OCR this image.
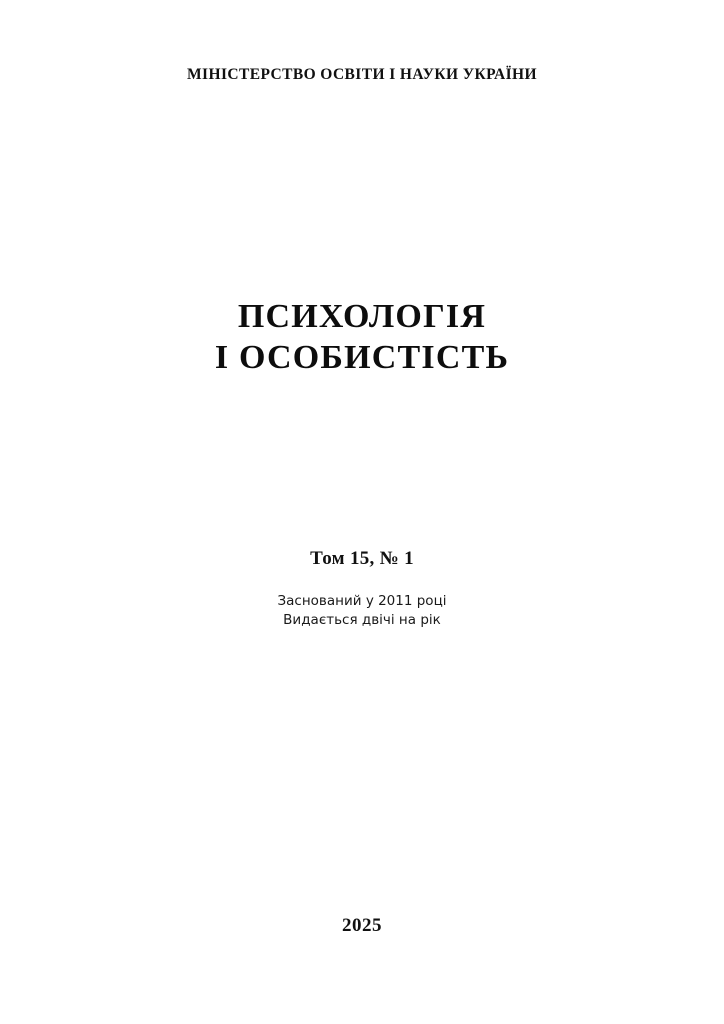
МІНІСТЕРСТВО ОСВІТИ І НАУКИ УКРАЇНИ
ПСИХОЛОГІЯ
І ОСОБИСТІСТЬ
Том 15, № 1
Заснований у 2011 році
Видається двічі на рік
2025
